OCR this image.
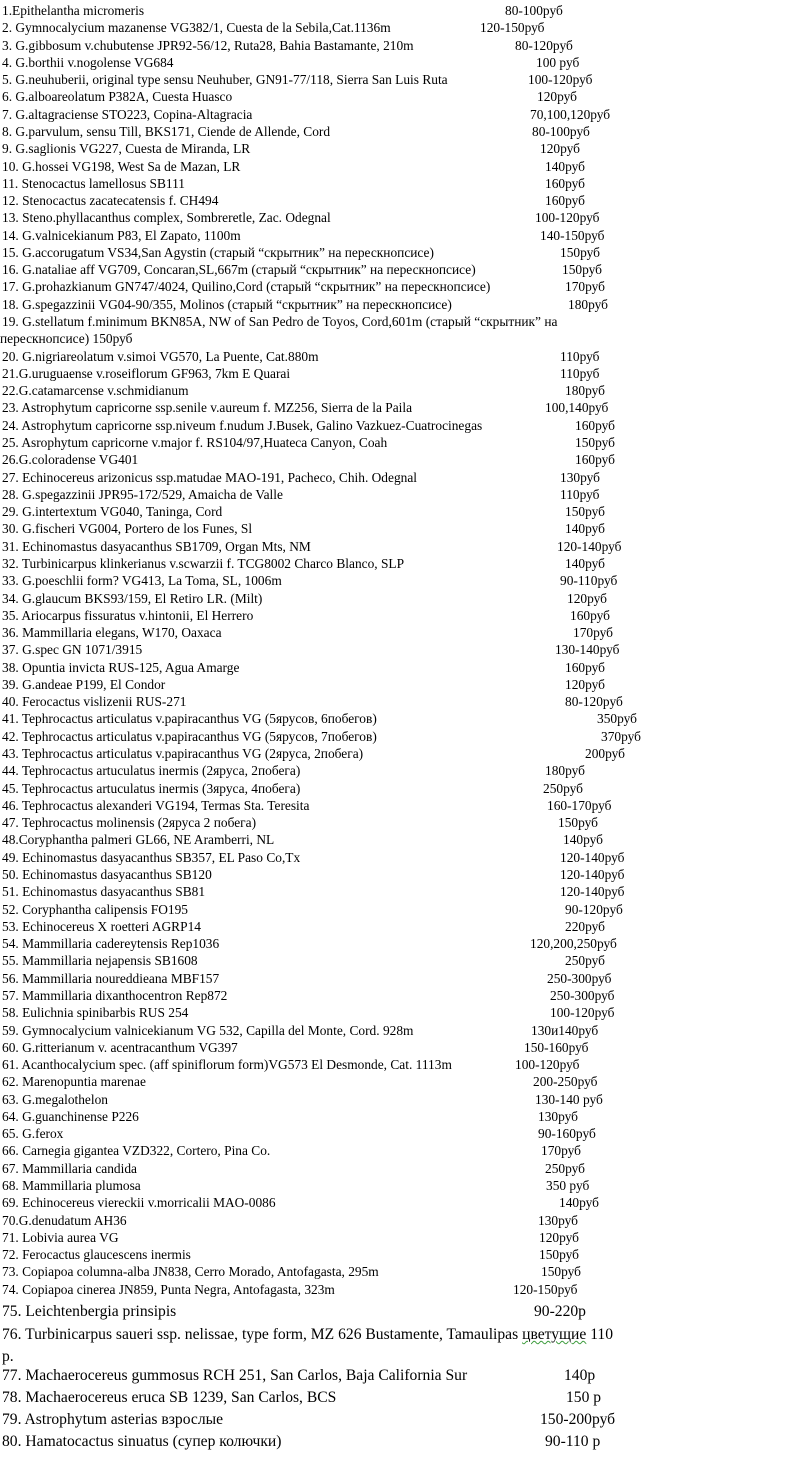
1.Epithelantha micromeris	80-100руб
2. Gymnocalycium mazanense VG382/1, Cuesta de la Sebila,Cat.1136m	120-150руб
3. G.gibbosum v.chubutense JPR92-56/12, Ruta28, Bahia Bastamante, 210m	80-120руб
4. G.borthii v.nogolense VG684	100 руб
5. G.neuhuberii, original type sensu Neuhuber, GN91-77/118, Sierra San Luis Ruta	100-120руб
6. G.alboareolatum P382A, Cuesta Huasco	120руб
7. G.altagraciense STO223, Copina-Altagracia	70,100,120руб
8. G.parvulum, sensu Till, BKS171, Ciende de Allende, Cord	80-100руб
9. G.saglionis VG227, Cuesta de Miranda, LR	120руб
10. G.hossei VG198, West Sa de Mazan, LR	140руб
11. Stenocactus lamellosus SB111	160руб
12. Stenocactus zacatecatensis f. CH494	160руб
13. Steno.phyllacanthus complex, Sombreretle, Zac. Odegnal	100-120руб
14. G.valnicekianum P83, El Zapato, 1100m	140-150руб
15. G.accorugatum VS34,San Agystin (старый “скрытник” на перескнопсисе)	150руб
16. G.nataliae aff VG709, Concaran,SL,667m (старый “скрытник” на перескнопсисе)	150руб
17. G.prohazkianum GN747/4024, Quilino,Cord (старый “скрытник” на перескнопсисе)	170руб
18. G.spegazzinii VG04-90/355, Molinos (старый “скрытник” на перескнопсисе)	180руб
19. G.stellatum f.minimum BKN85A, NW of San Pedro de Toyos, Cord,601m (старый “скрытник” на
перескнопсисе) 150руб
20. G.nigriareolatum v.simoi VG570, La Puente, Cat.880m	110руб
21.G.uruguaense v.roseiflorum GF963, 7km E Quarai	110руб
22.G.catamarcense v.schmidianum	180руб
23. Astrophytum capricorne ssp.senile v.aureum f. MZ256, Sierra de la Paila	100,140руб
24. Astrophytum capricorne ssp.niveum f.nudum J.Busek, Galino Vazkuez-Cuatrocinegas	160руб
25. Asrophytum capricorne v.major f. RS104/97,Huateca Canyon, Coah	150руб
26.G.coloradense VG401	160руб
27. Echinocereus arizonicus ssp.matudae MAO-191, Pacheco, Chih. Odegnal	130руб
28. G.spegazzinii JPR95-172/529, Amaicha de Valle	110руб
29. G.intertextum VG040, Taninga, Cord	150руб
30. G.fischeri VG004, Portero de los Funes, Sl	140руб
31. Echinomastus dasyacanthus SB1709, Organ Mts, NM	120-140руб
32. Turbinicarpus klinkerianus v.scwarzii f. TCG8002 Charco Blanco, SLP	140руб
33. G.poeschlii form? VG413, La Toma, SL, 1006m	90-110руб
34. G.glaucum BKS93/159, El Retiro LR. (Milt)	120руб
35. Ariocarpus fissuratus v.hintonii, El Herrero	160руб
36. Mammillaria elegans, W170, Oaxaca	170руб
37. G.spec GN 1071/3915	130-140руб
38. Opuntia invicta RUS-125, Agua Amarge	160руб
39. G.andeae P199, El Condor	120руб
40. Ferocactus vislizenii RUS-271	80-120руб
41. Tephrocactus articulatus v.papiracanthus VG (5ярусов, 6побегов)	350руб
42. Tephrocactus articulatus v.papiracanthus VG (5ярусов, 7побегов)	370руб
43. Tephrocactus articulatus v.papiracanthus VG (2яруса, 2побега)	200руб
44. Tephrocactus artuculatus inermis (2яруса, 2побега)	180руб
45. Tephrocactus artuculatus inermis (3яруса, 4побега)	250руб
46. Tephrocactus alexanderi VG194, Termas Sta. Teresita	160-170руб
47. Tephrocactus molinensis (2яруса 2 побега)	150руб
48.Coryphantha palmeri GL66, NE Aramberri, NL	140руб
49. Echinomastus dasyacanthus SB357, EL Paso Co,Tx	120-140руб
50. Echinomastus dasyacanthus SB120	120-140руб
51. Echinomastus dasyacanthus SB81	120-140руб
52. Coryphantha calipensis FO195	90-120руб
53. Echinocereus X roetteri AGRP14	220руб
54. Mammillaria cadereytensis Rep1036	120,200,250руб
55. Mammillaria nejapensis SB1608	250руб
56. Mammillaria noureddieana MBF157	250-300руб
57. Mammillaria dixanthocentron Rep872	250-300руб
58. Eulichnia spinibarbis RUS 254	100-120руб
59. Gymnocalycium valnicekianum VG 532, Capilla del Monte, Cord. 928m	130и140руб
60. G.ritterianum v. acentracanthum VG397	150-160руб
61. Acanthocalycium spec. (aff spiniflorum form)VG573 El Desmonde, Cat. 1113m	100-120руб
62. Marenopuntia marenae	200-250руб
63. G.megalothelon	130-140 руб
64. G.guanchinense P226	130руб
65. G.ferox	90-160руб
66. Carnegia gigantea VZD322, Cortero, Pina Co.	170руб
67. Mammillaria candida	250руб
68. Mammillaria plumosa	350 руб
69. Echinocereus viereckii v.morricalii MAO-0086	140руб
70.G.denudatum AH36	130руб
71. Lobivia aurea VG	120руб
72. Ferocactus glaucescens inermis	150руб
73. Copiapoa columna-alba JN838, Cerro Morado, Antofagasta, 295m	150руб
74. Copiapoa cinerea JN859, Punta Negra, Antofagasta, 323m	120-150руб
75. Leichtenbergia prinsipis	90-220р
76. Turbinicarpus saueri ssp. nelissae, type form, MZ 626 Bustamente, Tamaulipas цветущие 110
р.
77. Machaerocereus gummosus RCH 251, San Carlos, Baja California Sur	140р
78. Machaerocereus eruca SB 1239, San Carlos, BCS	150 р
79. Astrophytum asterias взрослые	150-200руб
80. Hamatocactus sinuatus (супер колючки)	90-110 р
